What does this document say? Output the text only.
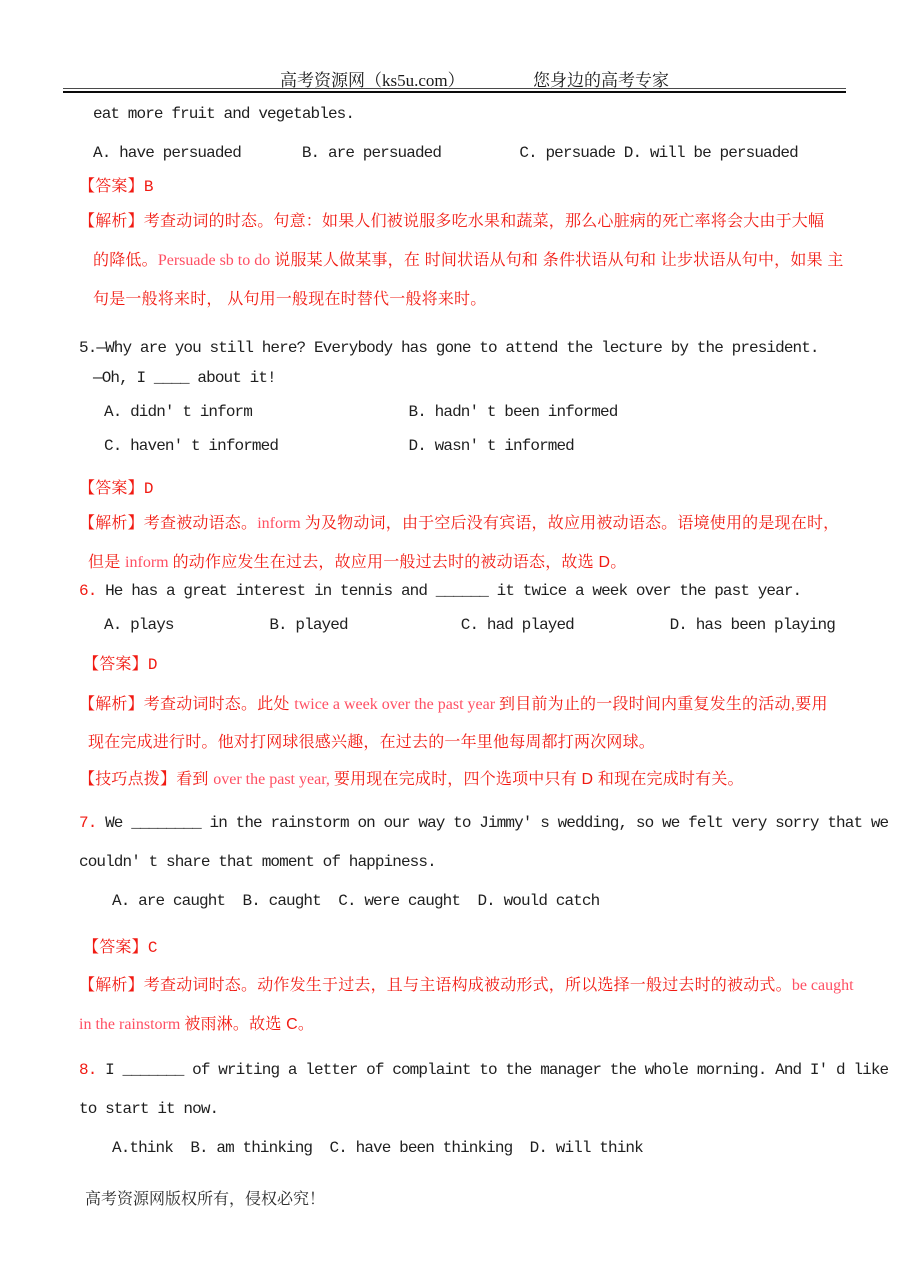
高考资源网（ks5u.com）	您身边的高考专家
eat more fruit and vegetables.
A. have persuaded       B. are persuaded         C. persuade D. will be persuaded
【答案】B
【解析】考查动词的时态。句意：如果人们被说服多吃水果和蔬菜，那么心脏病的死亡率将会大由于大幅
的降低。Persuade sb to do 说服某人做某事，在 时间状语从句和 条件状语从句和 让步状语从句中，如果 主
句是一般将来时， 从句用一般现在时替代一般将来时。
5.—Why are you still here? Everybody has gone to attend the lecture by the president.
—Oh, I ____ about it!
A. didn' t inform                  B. hadn' t been informed
C. haven' t informed               D. wasn' t informed
【答案】D
【解析】考查被动语态。inform 为及物动词，由于空后没有宾语，故应用被动语态。语境使用的是现在时，
但是 inform 的动作应发生在过去，故应用一般过去时的被动语态，故选 D。
6. He has a great interest in tennis and ______ it twice a week over the past year.
A. plays           B. played             C. had played           D. has been playing
【答案】D
【解析】考查动词时态。此处 twice a week over the past year 到目前为止的一段时间内重复发生的活动,要用
现在完成进行时。他对打网球很感兴趣，在过去的一年里他每周都打两次网球。
【技巧点拨】看到 over the past year, 要用现在完成时，四个选项中只有 D 和现在完成时有关。
7. We ________ in the rainstorm on our way to Jimmy' s wedding, so we felt very sorry that we
couldn' t share that moment of happiness.
A. are caught  B. caught  C. were caught  D. would catch
【答案】C
【解析】考查动词时态。动作发生于过去，且与主语构成被动形式，所以选择一般过去时的被动式。be caught
in the rainstorm 被雨淋。故选 C。
8. I _______ of writing a letter of complaint to the manager the whole morning. And I' d like
to start it now.
A.think  B. am thinking  C. have been thinking  D. will think
高考资源网版权所有，侵权必究！
